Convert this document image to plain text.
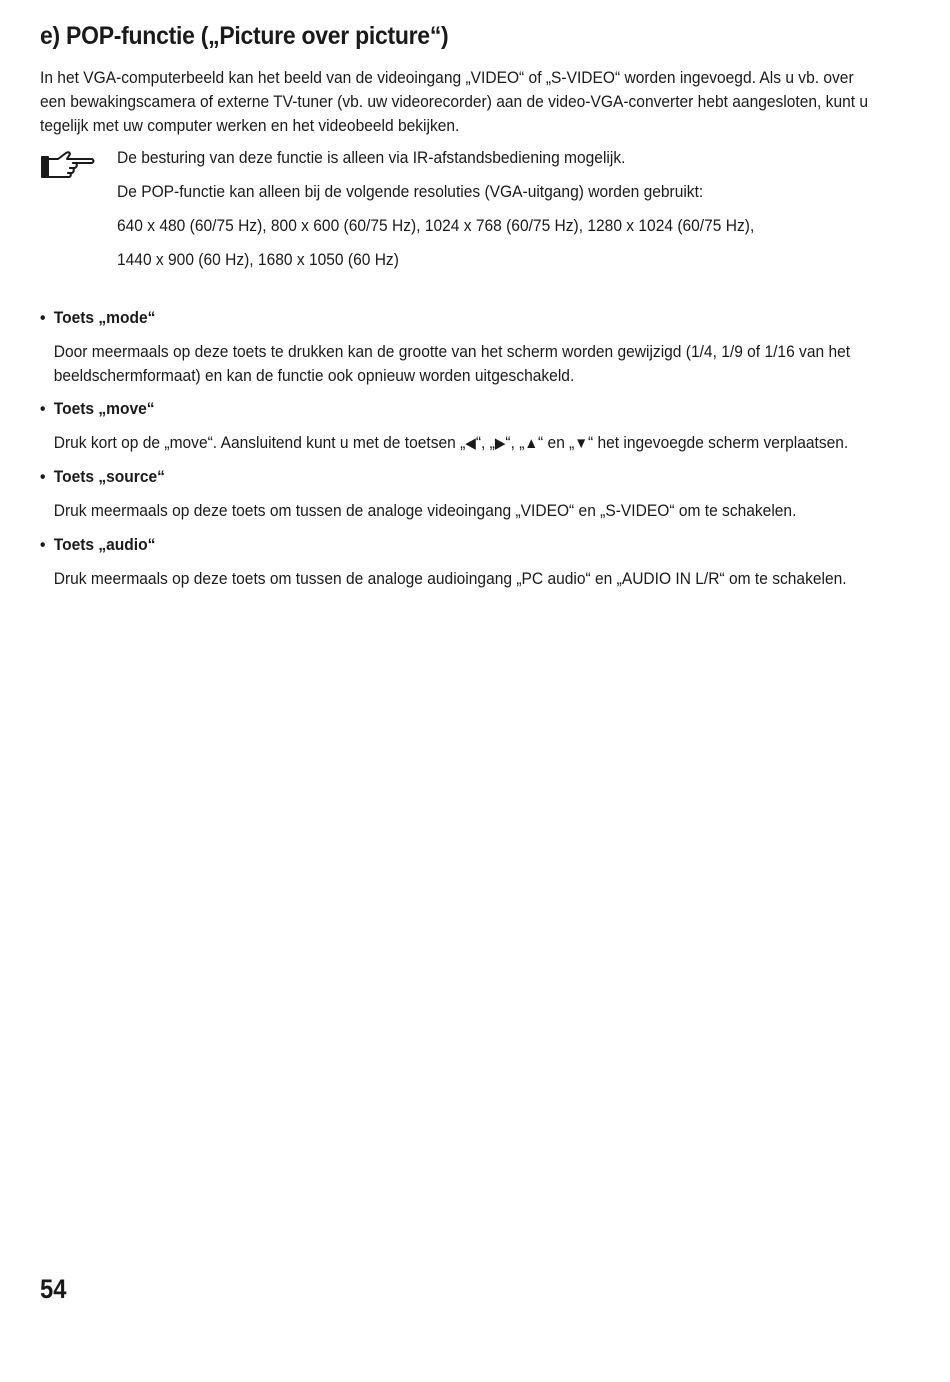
e) POP-functie („Picture over picture“)

In het VGA-computerbeeld kan het beeld van de videoingang „VIDEO“ of „S-VIDEO“ worden ingevoegd. Als u vb. over een bewakingscamera of externe TV-tuner (vb. uw videorecorder) aan de video-VGA-converter hebt aangesloten, kunt u tegelijk met uw computer werken en het videobeeld bekijken.

De besturing van deze functie is alleen via IR-afstandsbediening mogelijk.

De POP-functie kan alleen bij de volgende resoluties (VGA-uitgang) worden gebruikt:

640 x 480 (60/75 Hz), 800 x 600 (60/75 Hz), 1024 x 768 (60/75 Hz), 1280 x 1024 (60/75 Hz),

1440 x 900 (60 Hz), 1680 x 1050 (60 Hz)

• Toets „mode“
Door meermaals op deze toets te drukken kan de grootte van het scherm worden gewijzigd (1/4, 1/9 of 1/16 van het beeldschermformaat) en kan de functie ook opnieuw worden uitgeschakeld.
• Toets „move“
Druk kort op de „move“. Aansluitend kunt u met de toetsen „◀“, „▶“, „▲“ en „▼“ het ingevoegde scherm verplaatsen.
• Toets „source“
Druk meermaals op deze toets om tussen de analoge videoingang „VIDEO“ en „S-VIDEO“ om te schakelen.
• Toets „audio“
Druk meermaals op deze toets om tussen de analoge audioingang „PC audio“ en „AUDIO IN L/R“ om te schakelen.
54
